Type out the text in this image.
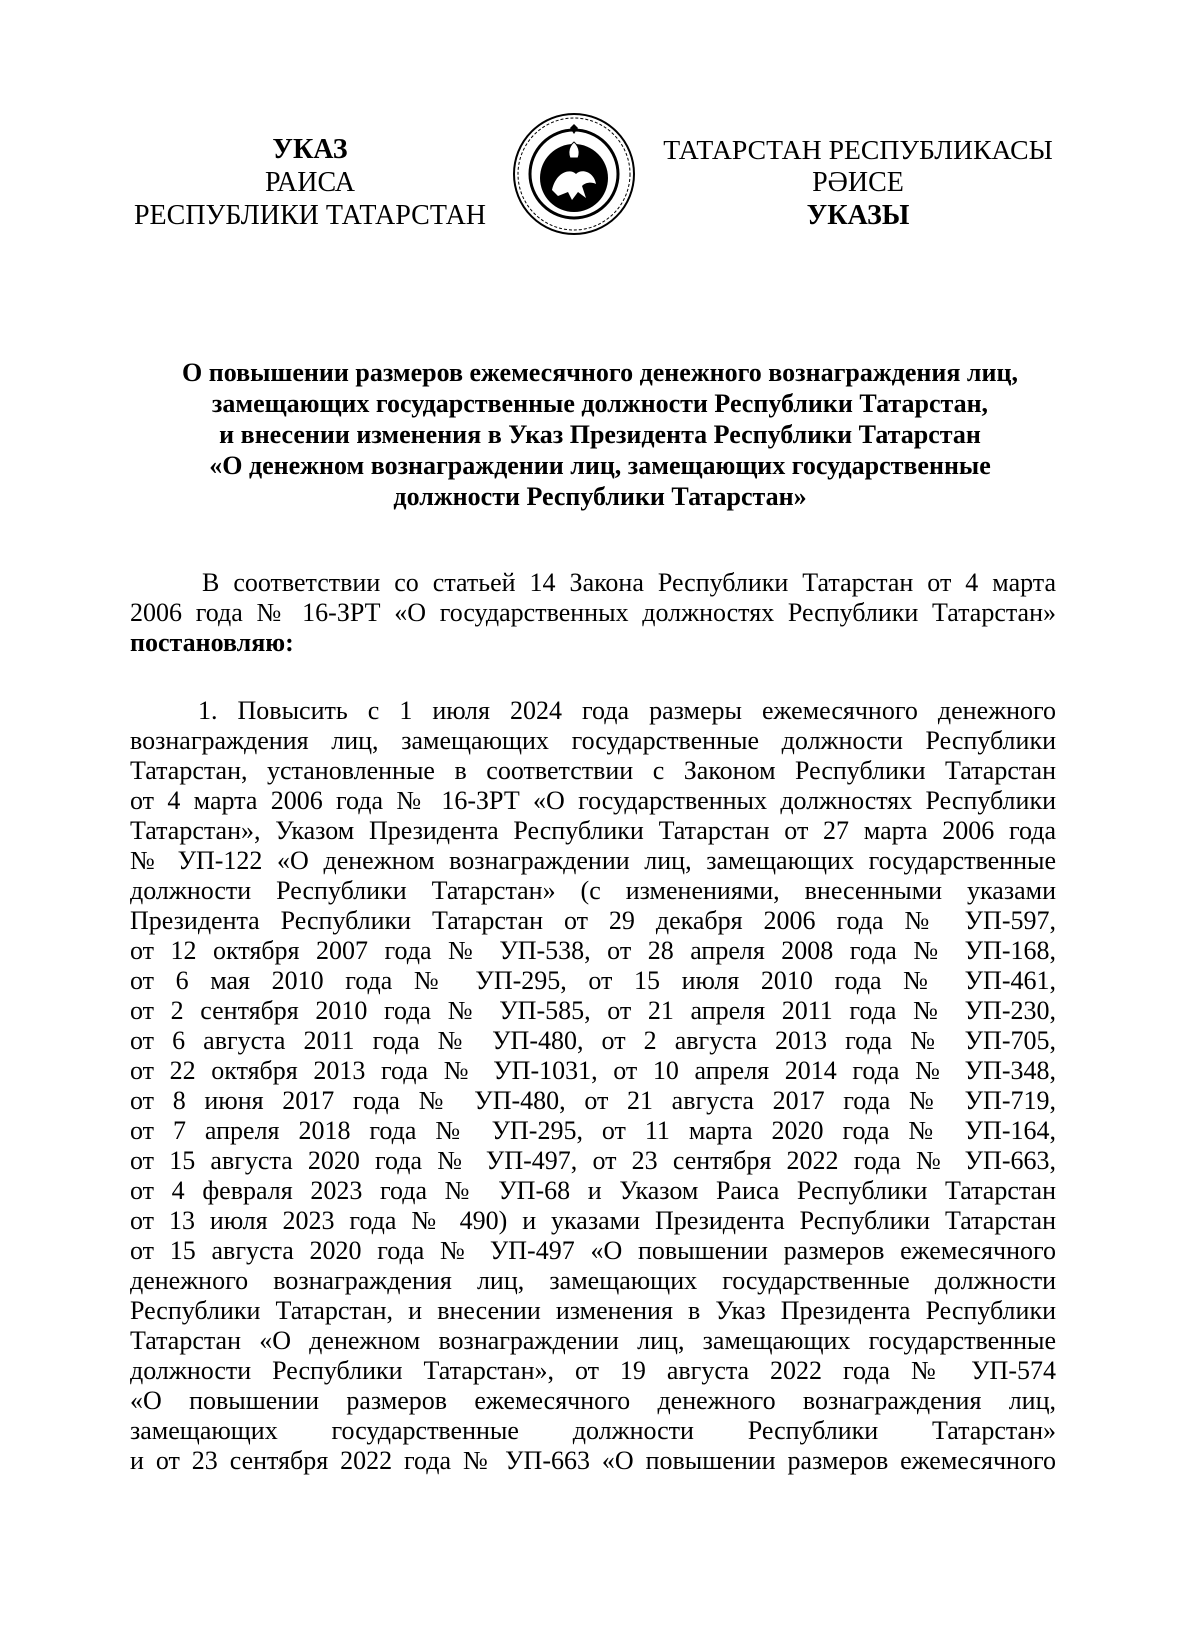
УКАЗ
РАИСА
РЕСПУБЛИКИ ТАТАРСТАН
ТАТАРСТАН РЕСПУБЛИКАСЫ
РӘИСЕ
УКАЗЫ
О повышении размеров ежемесячного денежного вознаграждения лиц,
замещающих государственные должности Республики Татарстан,
и внесении изменения в Указ Президента Республики Татарстан
«О денежном вознаграждении лиц, замещающих государственные
должности Республики Татарстан»
В соответствии со статьей 14 Закона Республики Татарстан от 4 марта
2006 года № 16-ЗРТ «О государственных должностях Республики Татарстан»
постановляю:
1. Повысить с 1 июля 2024 года размеры ежемесячного денежного
вознаграждения лиц, замещающих государственные должности Республики
Татарстан, установленные в соответствии с Законом Республики Татарстан
от 4 марта 2006 года № 16-ЗРТ «О государственных должностях Республики
Татарстан», Указом Президента Республики Татарстан от 27 марта 2006 года
№ УП-122 «О денежном вознаграждении лиц, замещающих государственные
должности Республики Татарстан» (с изменениями, внесенными указами
Президента Республики Татарстан от 29 декабря 2006 года № УП-597,
от 12 октября 2007 года № УП-538, от 28 апреля 2008 года № УП-168,
от 6 мая 2010 года № УП-295, от 15 июля 2010 года № УП-461,
от 2 сентября 2010 года № УП-585, от 21 апреля 2011 года № УП-230,
от 6 августа 2011 года № УП-480, от 2 августа 2013 года № УП-705,
от 22 октября 2013 года № УП-1031, от 10 апреля 2014 года № УП-348,
от 8 июня 2017 года № УП-480, от 21 августа 2017 года № УП-719,
от 7 апреля 2018 года № УП-295, от 11 марта 2020 года № УП-164,
от 15 августа 2020 года № УП-497, от 23 сентября 2022 года № УП-663,
от 4 февраля 2023 года № УП-68 и Указом Раиса Республики Татарстан
от 13 июля 2023 года № 490) и указами Президента Республики Татарстан
от 15 августа 2020 года № УП-497 «О повышении размеров ежемесячного
денежного вознаграждения лиц, замещающих государственные должности
Республики Татарстан, и внесении изменения в Указ Президента Республики
Татарстан «О денежном вознаграждении лиц, замещающих государственные
должности Республики Татарстан», от 19 августа 2022 года № УП-574
«О повышении размеров ежемесячного денежного вознаграждения лиц,
замещающих государственные должности Республики Татарстан»
и от 23 сентября 2022 года № УП-663 «О повышении размеров ежемесячного
